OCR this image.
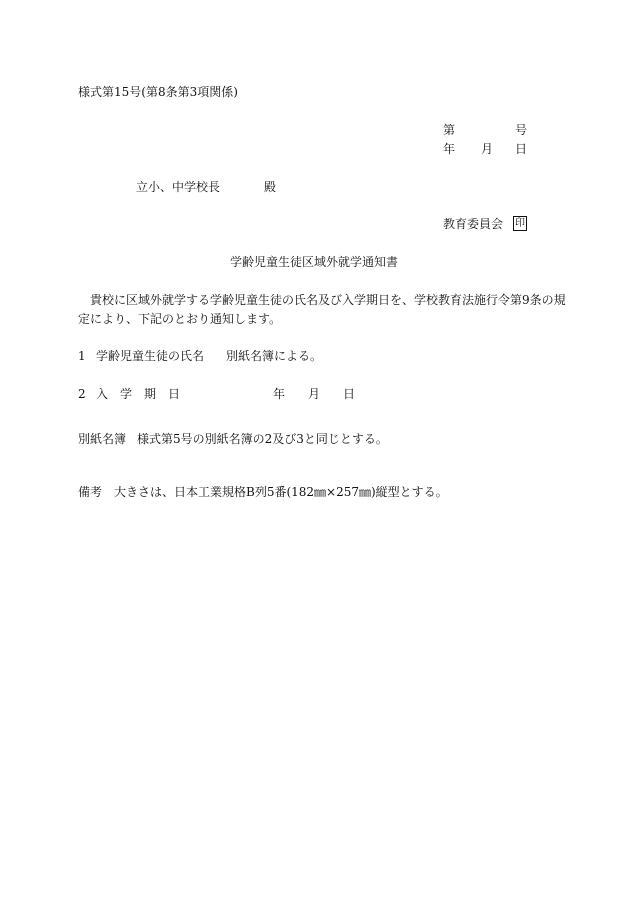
様式第15号(第8条第3項関係)
第	号
年 月 日
立小、中学校長	殿
教育委員会 印
学齢児童生徒区域外就学通知書
貴校に区域外就学する学齢児童生徒の氏名及び入学期日を、学校教育法施行令第9条の規
定により、下記のとおり通知します。
1 学齢児童生徒の氏名 別紙名簿による。
2 入　学　期　日	年 月 日
別紙名簿 様式第5号の別紙名簿の2及び3と同じとする。
備考 大きさは、日本工業規格B列5番(182㎜×257㎜)縦型とする。
